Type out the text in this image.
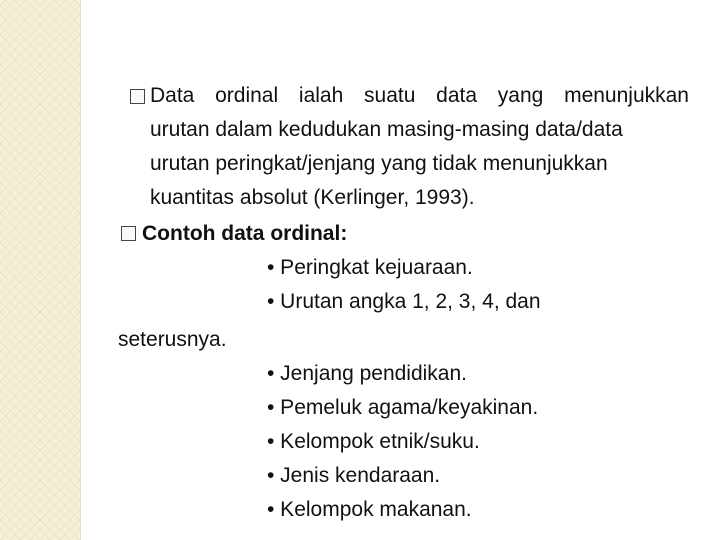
Data ordinal ialah suatu data yang menunjukkan
urutan dalam kedudukan masing-masing data/data
urutan peringkat/jenjang yang tidak menunjukkan
kuantitas absolut (Kerlinger, 1993).
Contoh data ordinal:
• Peringkat kejuaraan.
• Urutan angka 1, 2, 3, 4, dan
seterusnya.
• Jenjang pendidikan.
• Pemeluk agama/keyakinan.
• Kelompok etnik/suku.
• Jenis kendaraan.
• Kelompok makanan.
